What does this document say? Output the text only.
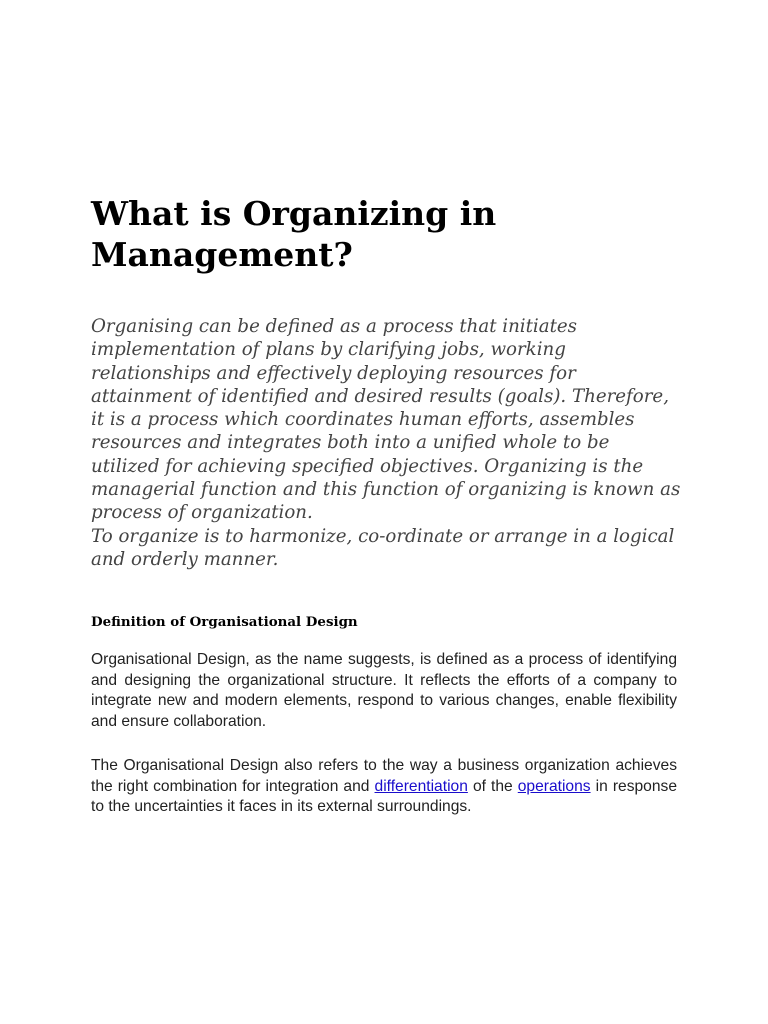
What is Organizing in Management?
Organising can be defined as a process that initiates implementation of plans by clarifying jobs, working relationships and effectively deploying resources for attainment of identified and desired results (goals). Therefore, it is a process which coordinates human efforts, assembles resources and integrates both into a unified whole to be utilized for achieving specified objectives. Organizing is the managerial function and this function of organizing is known as process of organization.
To organize is to harmonize, co-ordinate or arrange in a logical and orderly manner.
Definition of Organisational Design

Organisational Design, as the name suggests, is defined as a process of identifying and designing the organizational structure. It reflects the efforts of a company to integrate new and modern elements, respond to various changes, enable flexibility and ensure collaboration.

The Organisational Design also refers to the way a business organization achieves the right combination for integration and differentiation of the operations in response to the uncertainties it faces in its external surroundings.
